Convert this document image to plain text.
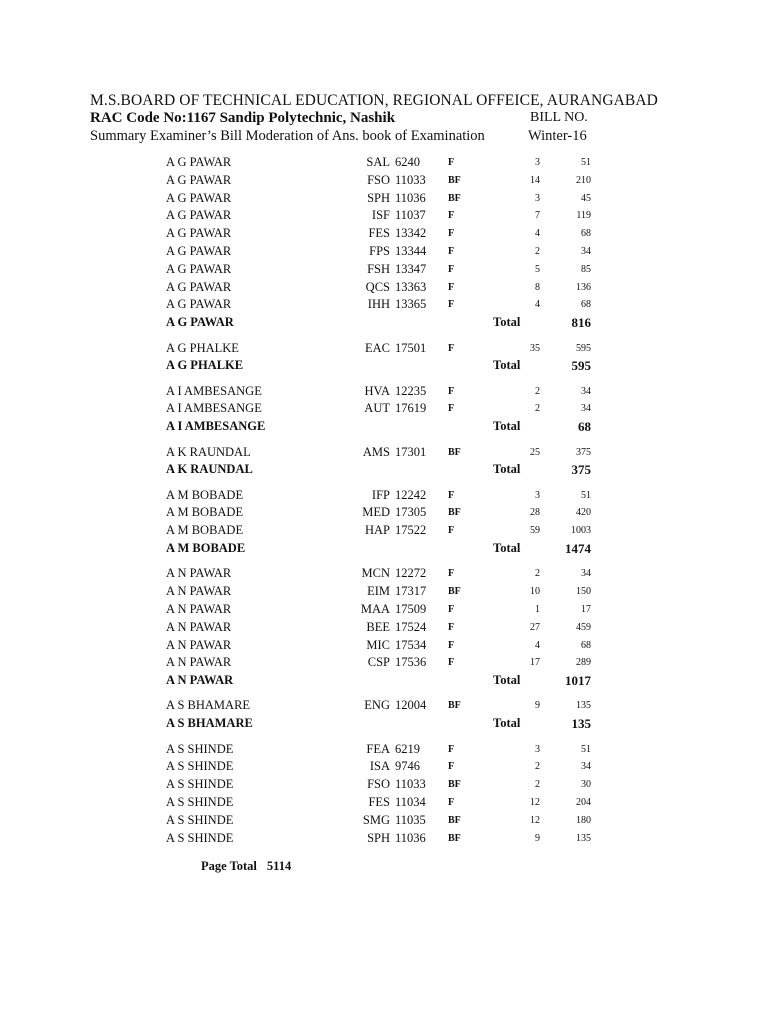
M.S.BOARD OF TECHNICAL EDUCATION, REGIONAL OFFEICE, AURANGABAD
RAC Code No:1167 Sandip Polytechnic, Nashik	BILL NO.
Summary Examiner’s Bill Moderation of Ans. book of Examination	Winter-16
A G PAWAR	SAL 6240	F	3	51
A G PAWAR	FSO 11033 BF	14	210
A G PAWAR	SPH 11036 BF	3	45
A G PAWAR	ISF 11037 F	7	119
A G PAWAR	FES 13342 F	4	68
A G PAWAR	FPS 13344 F	2	34
A G PAWAR	FSH 13347 F	5	85
A G PAWAR	QCS 13363 F	8	136
A G PAWAR	IHH 13365 F	4	68
A G PAWAR	Total	816
A G PHALKE	EAC 17501 F	35	595
A G PHALKE	Total	595
A I AMBESANGE	HVA 12235 F	2	34
A I AMBESANGE	AUT 17619 F	2	34
A I AMBESANGE	Total	68
A K RAUNDAL	AMS 17301 BF	25	375
A K RAUNDAL	Total	375
A M BOBADE	IFP 12242 F	3	51
A M BOBADE	MED 17305 BF	28	420
A M BOBADE	HAP 17522 F	59	1003
A M BOBADE	Total	1474
A N PAWAR	MCN 12272 F	2	34
A N PAWAR	EIM 17317 BF	10	150
A N PAWAR	MAA 17509 F	1	17
A N PAWAR	BEE 17524 F	27	459
A N PAWAR	MIC 17534 F	4	68
A N PAWAR	CSP 17536 F	17	289
A N PAWAR	Total	1017
A S BHAMARE	ENG 12004 BF	9	135
A S BHAMARE	Total	135
A S SHINDE	FEA 6219	F	3	51
A S SHINDE	ISA 9746	F	2	34
A S SHINDE	FSO 11033 BF	2	30
A S SHINDE	FES 11034 F	12	204
A S SHINDE	SMG 11035 BF	12	180
A S SHINDE	SPH 11036 BF	9	135
Page Total 5114
